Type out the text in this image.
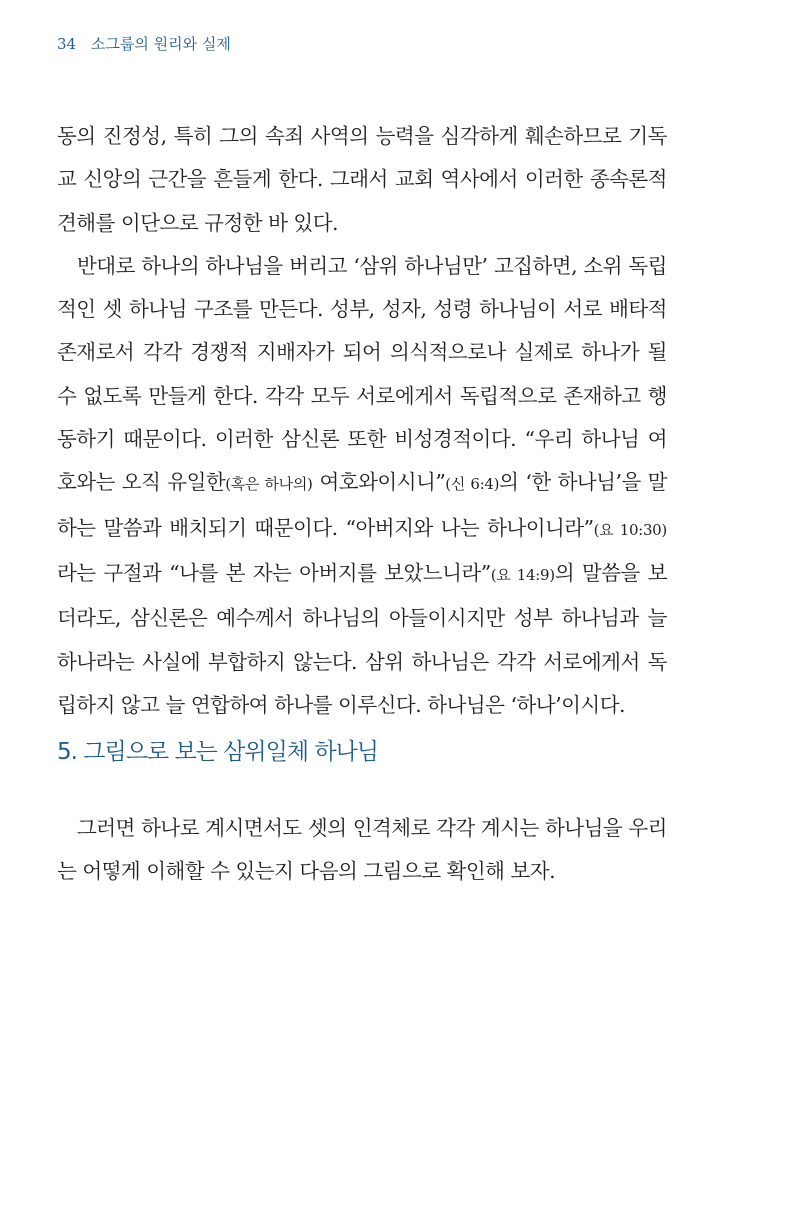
34 소그룹의 원리와 실제

동의 진정성, 특히 그의 속죄 사역의 능력을 심각하게 훼손하므로 기독교 신앙의 근간을 흔들게 한다. 그래서 교회 역사에서 이러한 종속론적 견해를 이단으로 규정한 바 있다.

반대로 하나의 하나님을 버리고 ‘삼위 하나님만’ 고집하면, 소위 독립적인 셋 하나님 구조를 만든다. 성부, 성자, 성령 하나님이 서로 배타적 존재로서 각각 경쟁적 지배자가 되어 의식적으로나 실제로 하나가 될 수 없도록 만들게 한다. 각각 모두 서로에게서 독립적으로 존재하고 행동하기 때문이다. 이러한 삼신론 또한 비성경적이다. “우리 하나님 여호와는 오직 유일한(혹은 하나의) 여호와이시니”(신 6:4)의 ‘한 하나님’을 말하는 말씀과 배치되기 때문이다. “아버지와 나는 하나이니라”(요 10:30)라는 구절과 “나를 본 자는 아버지를 보았느니라”(요 14:9)의 말씀을 보더라도, 삼신론은 예수께서 하나님의 아들이시지만 성부 하나님과 늘 하나라는 사실에 부합하지 않는다. 삼위 하나님은 각각 서로에게서 독립하지 않고 늘 연합하여 하나를 이루신다. 하나님은 ‘하나’이시다.

5. 그림으로 보는 삼위일체 하나님

그러면 하나로 계시면서도 셋의 인격체로 각각 계시는 하나님을 우리는 어떻게 이해할 수 있는지 다음의 그림으로 확인해 보자.
